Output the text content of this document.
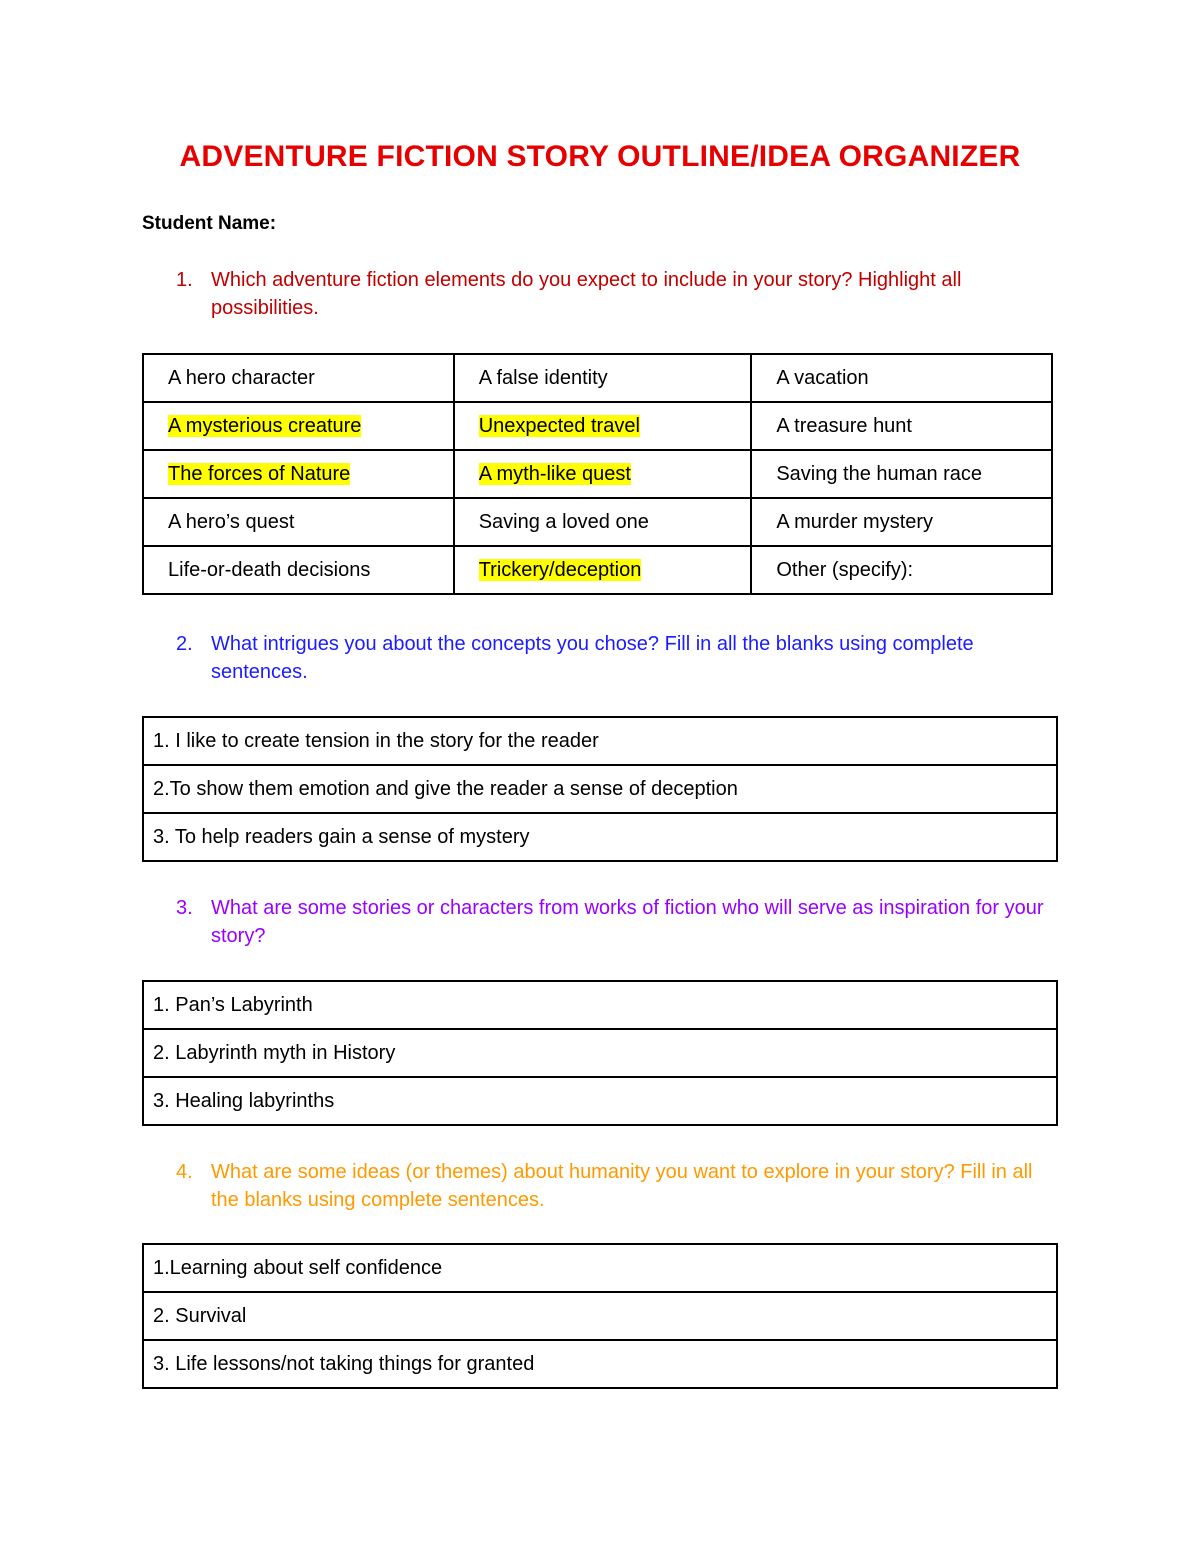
ADVENTURE FICTION STORY OUTLINE/IDEA ORGANIZER
Student Name:
1. Which adventure fiction elements do you expect to include in your story? Highlight all possibilities.
A hero character	A false identity	A vacation
A mysterious creature	Unexpected travel	A treasure hunt
The forces of Nature	A myth-like quest	Saving the human race
A hero’s quest	Saving a loved one	A murder mystery
Life-or-death decisions	Trickery/deception	Other (specify):
2. What intrigues you about the concepts you chose? Fill in all the blanks using complete sentences.
1. I like to create tension in the story for the reader
2.To show them emotion and give the reader a sense of deception
3. To help readers gain a sense of mystery
3. What are some stories or characters from works of fiction who will serve as inspiration for your story?
1. Pan’s Labyrinth
2. Labyrinth myth in History
3. Healing labyrinths
4. What are some ideas (or themes) about humanity you want to explore in your story? Fill in all the blanks using complete sentences.
1.Learning about self confidence
2. Survival
3. Life lessons/not taking things for granted
